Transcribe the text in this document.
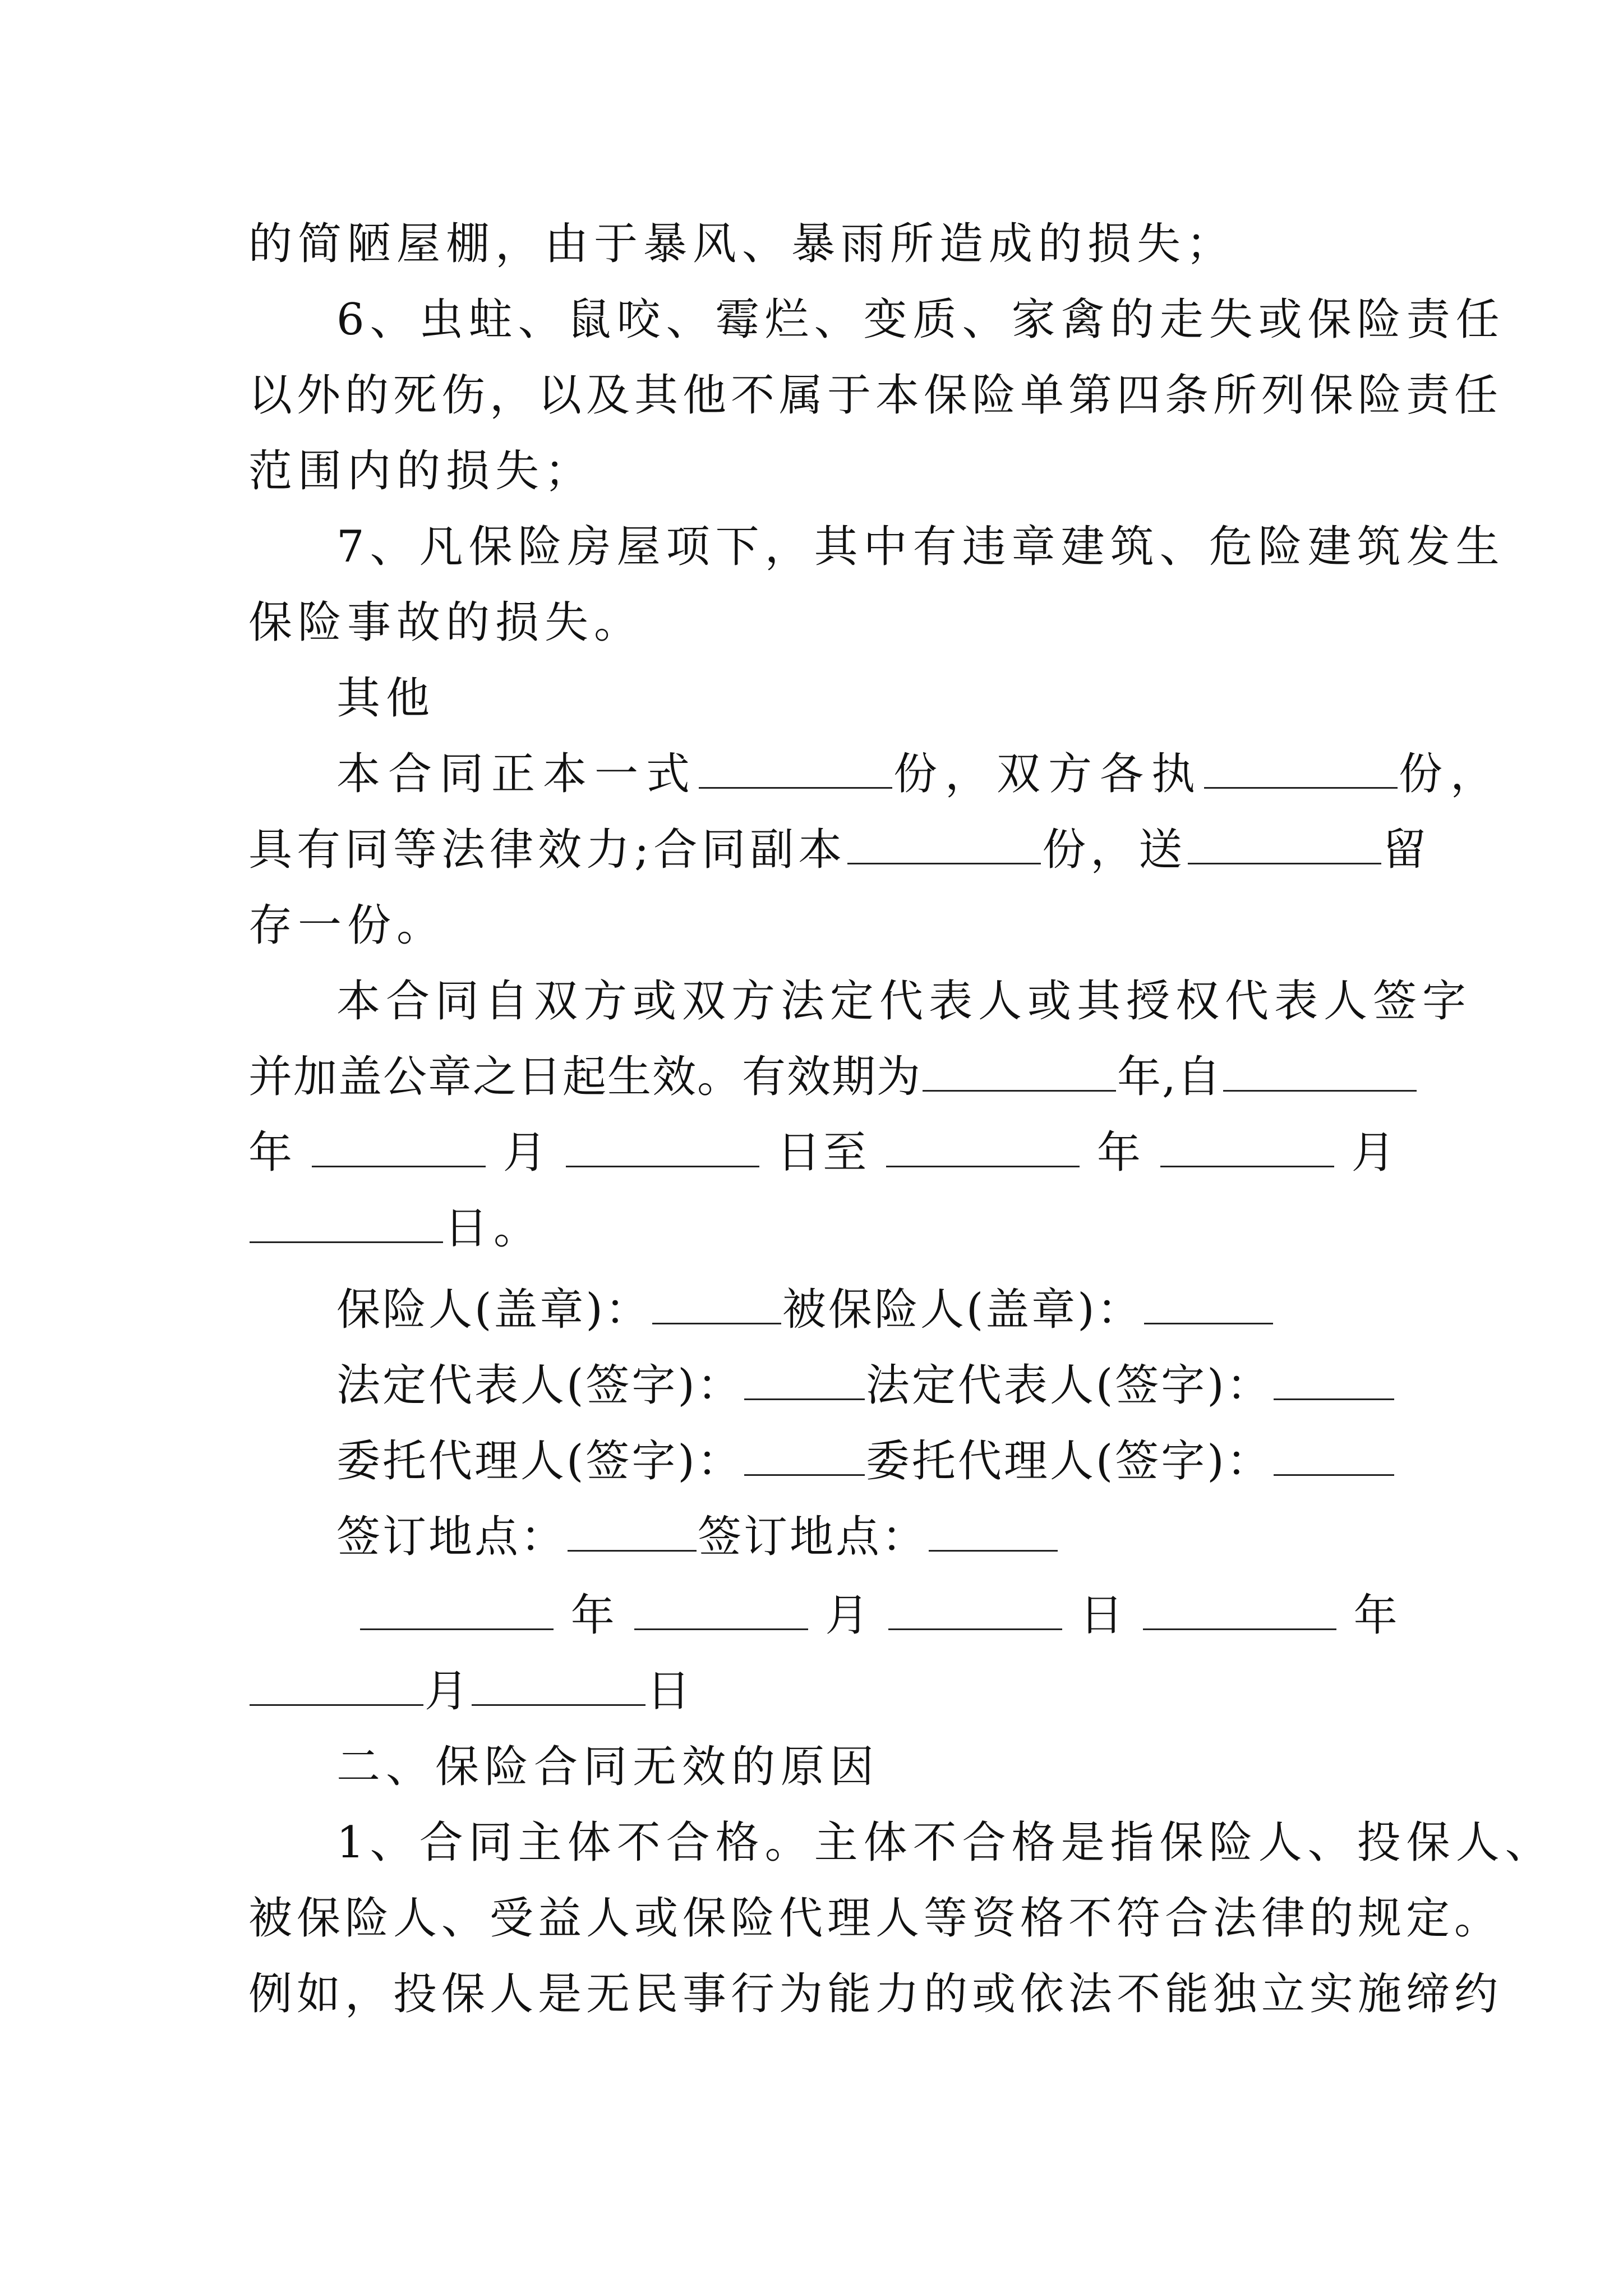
的简陋屋棚，由于暴风、暴雨所造成的损失；
6、虫蛀、鼠咬、霉烂、变质、家禽的走失或保险责任
以外的死伤，以及其他不属于本保险单第四条所列保险责任
范围内的损失；
7、凡保险房屋项下，其中有违章建筑、危险建筑发生
保险事故的损失。
其他
本合同正本一式	份，双方各执	份，
具有同等法律效力;合同副本	份，送	留
存一份。
本合同自双方或双方法定代表人或其授权代表人签字
并加盖公章之日起生效。有效期为	年,自
年	月	日至	年	月
日。
保险人(盖章)：	被保险人(盖章)：
法定代表人(签字)：	法定代表人(签字)：
委托代理人(签字)：	委托代理人(签字)：
签订地点：	签订地点：
年	月	日	年
月	日
二、保险合同无效的原因
1、合同主体不合格。主体不合格是指保险人、投保人、
被保险人、受益人或保险代理人等资格不符合法律的规定。
例如，投保人是无民事行为能力的或依法不能独立实施缔约
